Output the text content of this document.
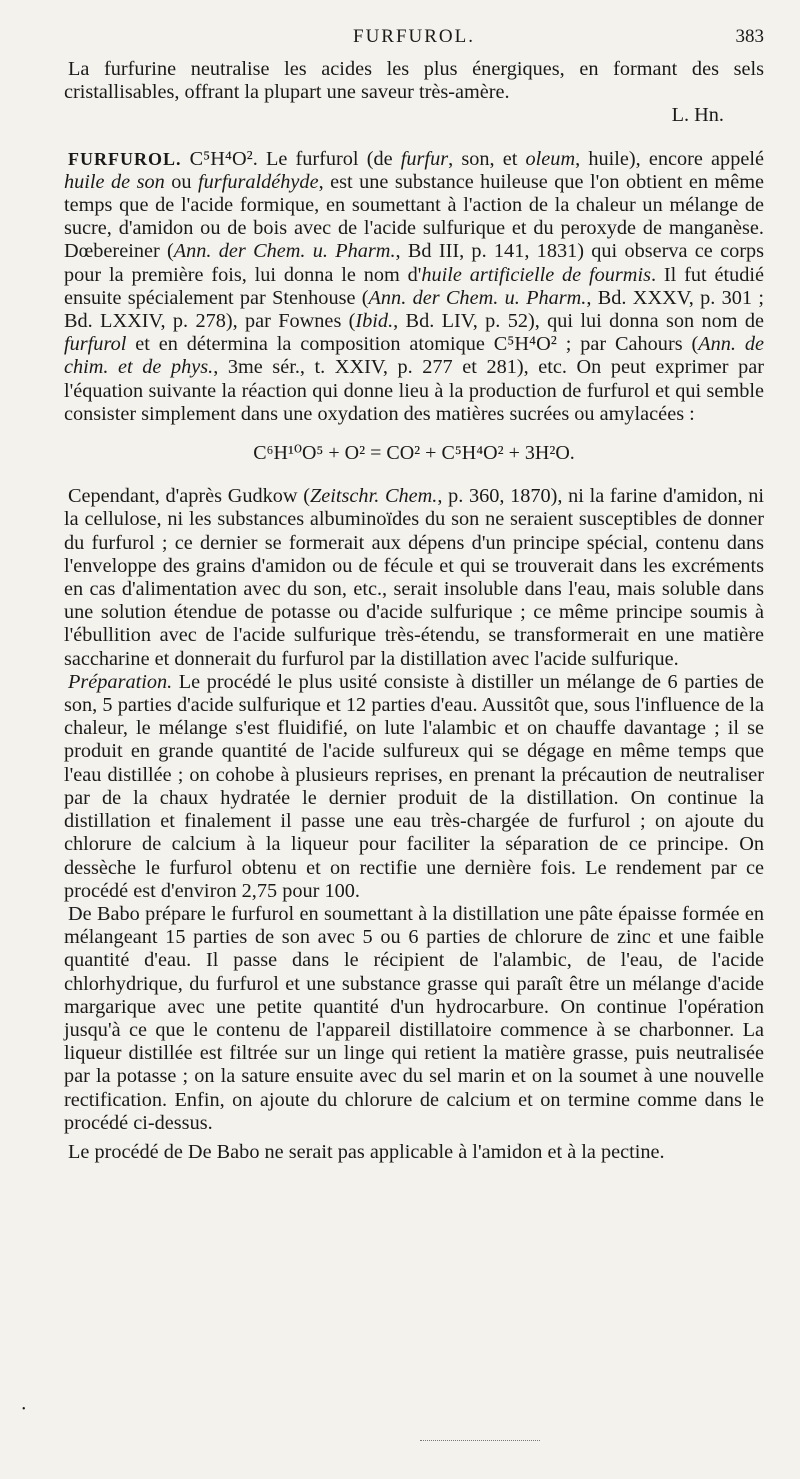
FURFUROL.	383

La furfurine neutralise les acides les plus énergiques, en formant des sels cristallisables, offrant la plupart une saveur très-amère.
L. Hn.

FURFUROL. C⁵H⁴O². Le furfurol (de furfur, son, et oleum, huile), encore appelé huile de son ou furfuraldéhyde, est une substance huileuse que l'on obtient en même temps que de l'acide formique, en soumettant à l'action de la chaleur un mélange de sucre, d'amidon ou de bois avec de l'acide sulfurique et du peroxyde de manganèse. Dœbereiner (Ann. der Chem. u. Pharm., Bd III, p. 141, 1831) qui observa ce corps pour la première fois, lui donna le nom d'huile artificielle de fourmis. Il fut étudié ensuite spécialement par Stenhouse (Ann. der Chem. u. Pharm., Bd. XXXV, p. 301 ; Bd. LXXIV, p. 278), par Fownes (Ibid., Bd. LIV, p. 52), qui lui donna son nom de furfurol et en détermina la composition atomique C⁵H⁴O² ; par Cahours (Ann. de chim. et de phys., 3me sér., t. XXIV, p. 277 et 281), etc. On peut exprimer par l'équation suivante la réaction qui donne lieu à la production de furfurol et qui semble consister simplement dans une oxydation des matières sucrées ou amylacées :

C⁶H¹⁰O⁵ + O² = CO² + C⁵H⁴O² + 3H²O.

Cependant, d'après Gudkow (Zeitschr. Chem., p. 360, 1870), ni la farine d'amidon, ni la cellulose, ni les substances albuminoïdes du son ne seraient susceptibles de donner du furfurol ; ce dernier se formerait aux dépens d'un principe spécial, contenu dans l'enveloppe des grains d'amidon ou de fécule et qui se trouverait dans les excréments en cas d'alimentation avec du son, etc., serait insoluble dans l'eau, mais soluble dans une solution étendue de potasse ou d'acide sulfurique ; ce même principe soumis à l'ébullition avec de l'acide sulfurique très-étendu, se transformerait en une matière saccharine et donnerait du furfurol par la distillation avec l'acide sulfurique.

Préparation. Le procédé le plus usité consiste à distiller un mélange de 6 parties de son, 5 parties d'acide sulfurique et 12 parties d'eau. Aussitôt que, sous l'influence de la chaleur, le mélange s'est fluidifié, on lute l'alambic et on chauffe davantage ; il se produit en grande quantité de l'acide sulfureux qui se dégage en même temps que l'eau distillée ; on cohobe à plusieurs reprises, en prenant la précaution de neutraliser par de la chaux hydratée le dernier produit de la distillation. On continue la distillation et finalement il passe une eau très-chargée de furfurol ; on ajoute du chlorure de calcium à la liqueur pour faciliter la séparation de ce principe. On dessèche le furfurol obtenu et on rectifie une dernière fois. Le rendement par ce procédé est d'environ 2,75 pour 100.

De Babo prépare le furfurol en soumettant à la distillation une pâte épaisse formée en mélangeant 15 parties de son avec 5 ou 6 parties de chlorure de zinc et une faible quantité d'eau. Il passe dans le récipient de l'alambic, de l'eau, de l'acide chlorhydrique, du furfurol et une substance grasse qui paraît être un mélange d'acide margarique avec une petite quantité d'un hydrocarbure. On continue l'opération jusqu'à ce que le contenu de l'appareil distillatoire commence à se charbonner. La liqueur distillée est filtrée sur un linge qui retient la matière grasse, puis neutralisée par la potasse ; on la sature ensuite avec du sel marin et on la soumet à une nouvelle rectification. Enfin, on ajoute du chlorure de calcium et on termine comme dans le procédé ci-dessus.

Le procédé de De Babo ne serait pas applicable à l'amidon et à la pectine.

•
